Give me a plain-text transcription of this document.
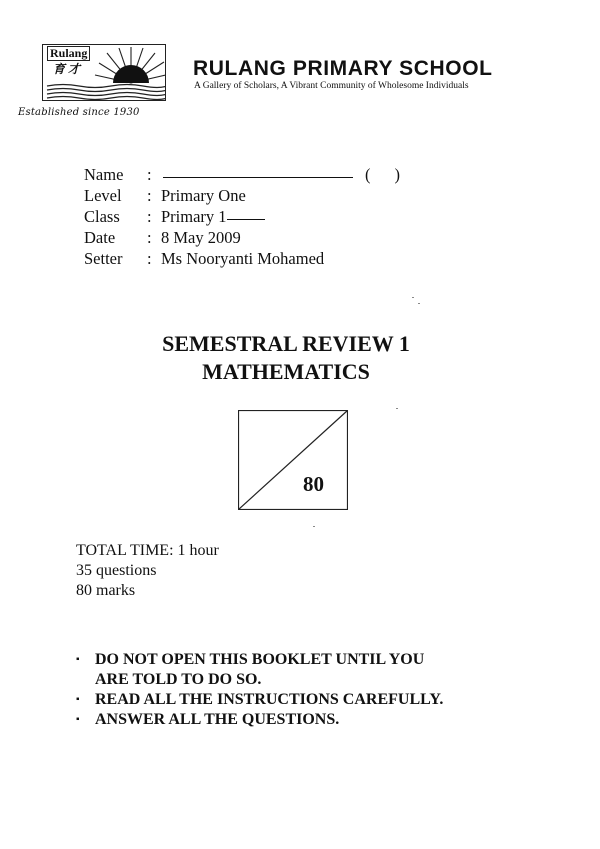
Rulang
育 才
Established since 1930
RULANG PRIMARY SCHOOL
A Gallery of Scholars, A Vibrant Community of Wholesome Individuals
Name	:	( )
Level	: Primary One
Class	: Primary 1
Date	: 8 May 2009
Setter	: Ms Nooryanti Mohamed
SEMESTRAL REVIEW 1
MATHEMATICS
80
TOTAL TIME: 1 hour
35 questions
80 marks
▪ DO NOT OPEN THIS BOOKLET UNTIL YOU
ARE TOLD TO DO SO.
▪ READ ALL THE INSTRUCTIONS CAREFULLY.
▪ ANSWER ALL THE QUESTIONS.
